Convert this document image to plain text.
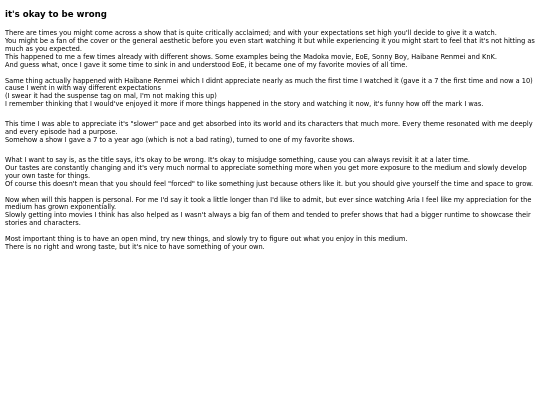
it's okay to be wrong
There are times you might come across a show that is quite critically acclaimed; and with your expectations set high you'll decide to give it a watch.
You might be a fan of the cover or the general aesthetic before you even start watching it but while experiencing it you might start to feel that it's not hitting as much as you expected.
This happened to me a few times already with different shows. Some examples being the Madoka movie, EoE, Sonny Boy, Haibane Renmei and KnK.
And guess what, once I gave it some time to sink in and understood EoE, it became one of my favorite movies of all time.
Same thing actually happened with Haibane Renmei which I didnt appreciate nearly as much the first time I watched it (gave it a 7 the first time and now a 10) cause I went in with way different expectations
(I swear it had the suspense tag on mal, I'm not making this up)
I remember thinking that I would've enjoyed it more if more things happened in the story and watching it now, it's funny how off the mark I was.
This time I was able to appreciate it's "slower" pace and get absorbed into its world and its characters that much more. Every theme resonated with me deeply and every episode had a purpose.
Somehow a show I gave a 7 to a year ago (which is not a bad rating), turned to one of my favorite shows.
What I want to say is, as the title says, it's okay to be wrong. It's okay to misjudge something, cause you can always revisit it at a later time.
Our tastes are constantly changing and it's very much normal to appreciate something more when you get more exposure to the medium and slowly develop your own taste for things.
Of course this doesn't mean that you should feel "forced" to like something just because others like it. but you should give yourself the time and space to grow.
Now when will this happen is personal. For me I'd say it took a little longer than I'd like to admit, but ever since watching Aria I feel like my appreciation for the medium has grown exponentially.
Slowly getting into movies I think has also helped as I wasn't always a big fan of them and tended to prefer shows that had a bigger runtime to showcase their stories and characters.
Most important thing is to have an open mind, try new things, and slowly try to figure out what you enjoy in this medium.
There is no right and wrong taste, but it's nice to have something of your own.
